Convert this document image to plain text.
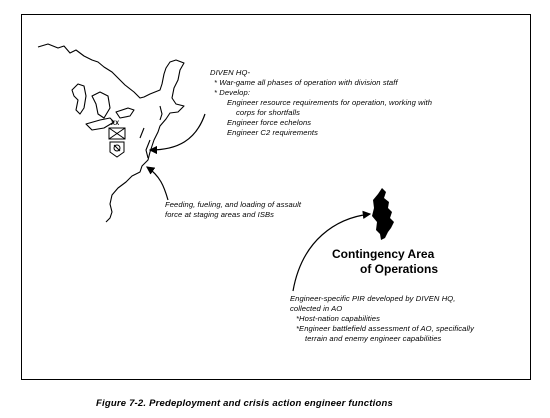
XX
DIVEN HQ-
* War-game all phases of operation with division staff
* Develop:
Engineer resource requirements for operation, working with
corps for shortfalls
Engineer force echelons
Engineer C2 requirements
Feeding, fueling, and loading of assault
force at staging areas and ISBs
Contingency Area
of Operations
Engineer-specific PIR developed by DIVEN HQ,
collected in AO
*Host-nation capabilities
*Engineer battlefield assessment of AO, specifically
terrain and enemy engineer capabilities
Figure 7-2. Predeployment and crisis action engineer functions
